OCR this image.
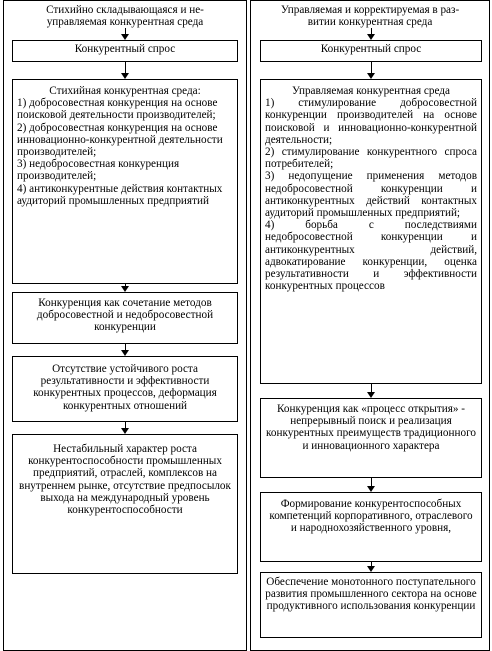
Стихийно складывающаяся и не-
управляемая конкурентная среда
Управляемая и корректируемая в раз-
витии конкурентная среда
Конкурентный спрос
Стихийная конкурентная среда:
1) добросовестная конкуренция на основе поисковой деятельности производителей;
2) добросовестная конкуренция на основе инновационно-конкурентной деятельности производителей;
3) недобросовестная конкуренция производителей;
4) антиконкурентные действия контактных аудиторий промышленных предприятий
Конкуренция как сочетание методов добросовестной и недобросовестной конкуренции
Отсутствие устойчивого роста результативности и эффективности конкурентных процессов, деформация конкурентных отношений
Нестабильный характер роста конкурентоспособности промышленных предприятий, отраслей, комплексов на внутреннем рынке, отсутствие предпосылок выхода на международный уровень конкурентоспособности
Конкурентный спрос
Управляемая конкурентная среда
1) стимулирование добросовестной конкуренции производителей на основе поисковой и инновационно-конкурентной деятельности;
2) стимулирование конкурентного спроса потребителей;
3) недопущение применения методов недобросовестной конкуренции и антиконкурентных действий контактных аудиторий промышленных предприятий;
4) борьба с последствиями недобросовестной конкуренции и антиконкурентных действий, адвокатирование конкуренции, оценка результативности и эффективности конкурентных процессов
Конкуренция как «процесс открытия» - непрерывный поиск и реализация конкурентных преимуществ традиционного и инновационного характера
Формирование конкурентоспособных компетенций корпоративного, отраслевого и народнохозяйственного уровня,
Обеспечение монотонного поступательного развития промышленного сектора на основе продуктивного использования конкуренции
